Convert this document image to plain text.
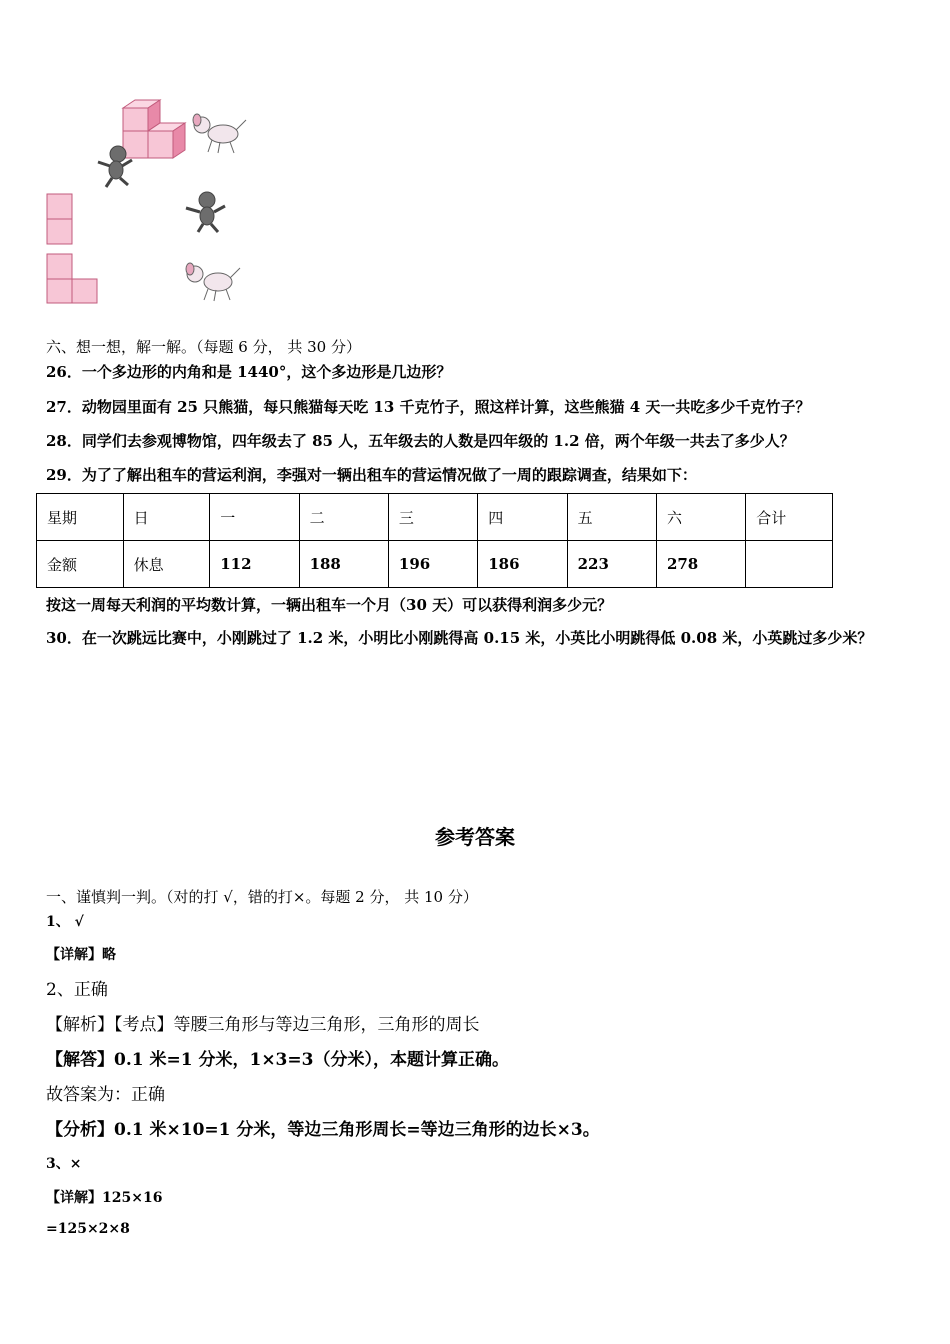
六、想一想，解一解。（每题 6 分， 共 30 分）
26．一个多边形的内角和是 1440°，这个多边形是几边形？
27．动物园里面有 25 只熊猫，每只熊猫每天吃 13 千克竹子，照这样计算，这些熊猫 4 天一共吃多少千克竹子？
28．同学们去参观博物馆，四年级去了 85 人，五年级去的人数是四年级的 1.2 倍，两个年级一共去了多少人？
29．为了了解出租车的营运利润，李强对一辆出租车的营运情况做了一周的跟踪调查，结果如下：
星期	日	一	二	三	四	五	六	合计
金额	休息	112	188	196	186	223	278	
按这一周每天利润的平均数计算，一辆出租车一个月（30 天）可以获得利润多少元？
30．在一次跳远比赛中，小刚跳过了 1.2 米，小明比小刚跳得高 0.15 米，小英比小明跳得低 0.08 米，小英跳过多少米？
参考答案
一、谨慎判一判。（对的打 √，错的打×。每题 2 分， 共 10 分）
1、 √
【详解】略
2、正确
【解析】【考点】等腰三角形与等边三角形，三角形的周长
【解答】0.1 米=1 分米，1×3=3（分米），本题计算正确。
故答案为：正确
【分析】0.1 米×10=1 分米，等边三角形周长=等边三角形的边长×3。
3、×
【详解】125×16
=125×2×8
